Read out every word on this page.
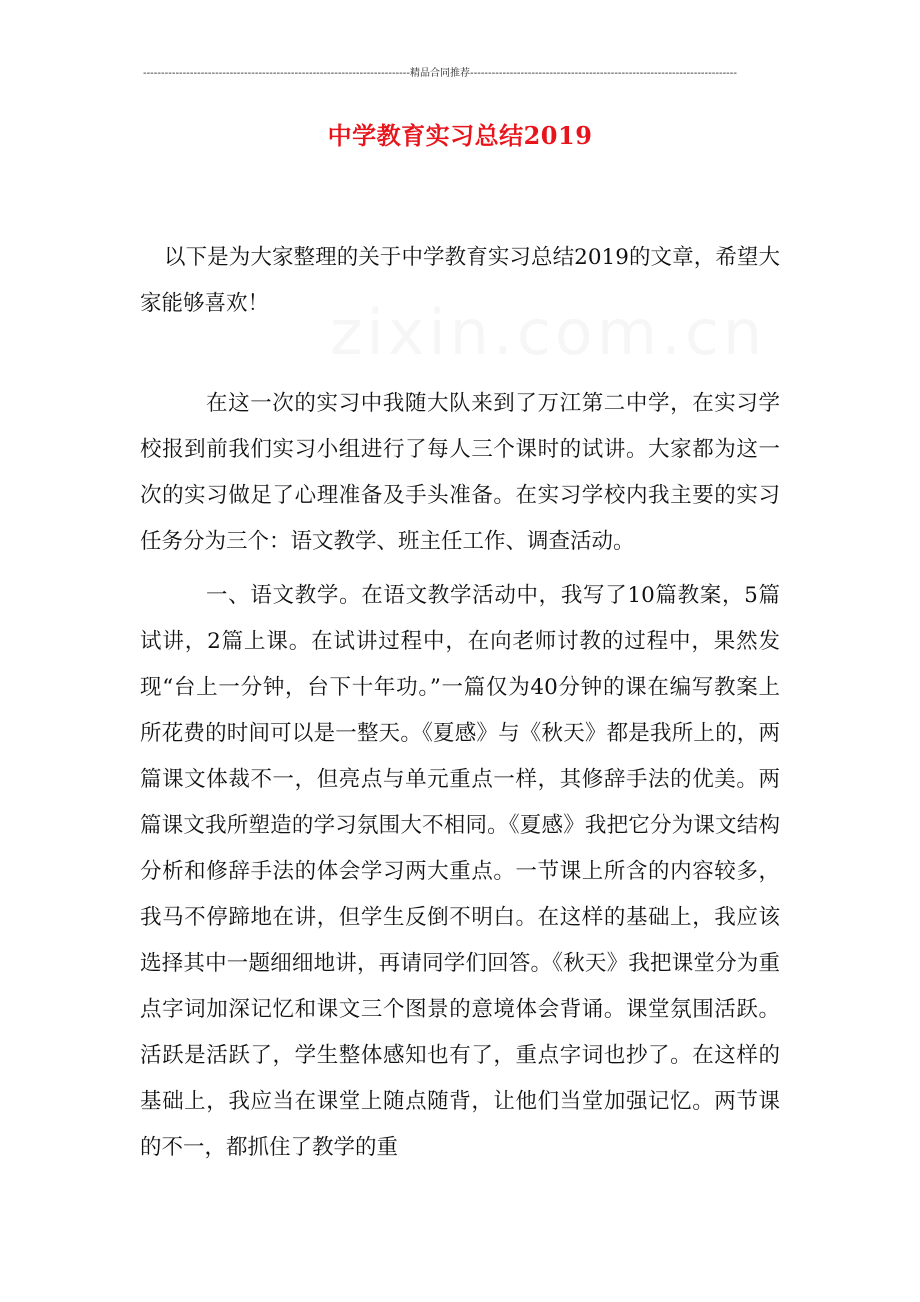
--------------------------------------------------------------------------精品合同推荐--------------------------------------------------------------------------
中学教育实习总结2019

以下是为大家整理的关于中学教育实习总结2019的文章，希望大家能够喜欢！

在这一次的实习中我随大队来到了万江第二中学，在实习学校报到前我们实习小组进行了每人三个课时的试讲。大家都为这一次的实习做足了心理准备及手头准备。在实习学校内我主要的实习任务分为三个：语文教学、班主任工作、调查活动。

一、语文教学。在语文教学活动中，我写了10篇教案，5篇试讲，2篇上课。在试讲过程中，在向老师讨教的过程中，果然发现“台上一分钟，台下十年功。”一篇仅为40分钟的课在编写教案上所花费的时间可以是一整天。《夏感》与《秋天》都是我所上的，两篇课文体裁不一，但亮点与单元重点一样，其修辞手法的优美。两篇课文我所塑造的学习氛围大不相同。《夏感》我把它分为课文结构分析和修辞手法的体会学习两大重点。一节课上所含的内容较多，我马不停蹄地在讲，但学生反倒不明白。在这样的基础上，我应该选择其中一题细细地讲，再请同学们回答。《秋天》我把课堂分为重点字词加深记忆和课文三个图景的意境体会背诵。课堂氛围活跃。活跃是活跃了，学生整体感知也有了，重点字词也抄了。在这样的基础上，我应当在课堂上随点随背，让他们当堂加强记忆。两节课的不一，都抓住了教学的重
